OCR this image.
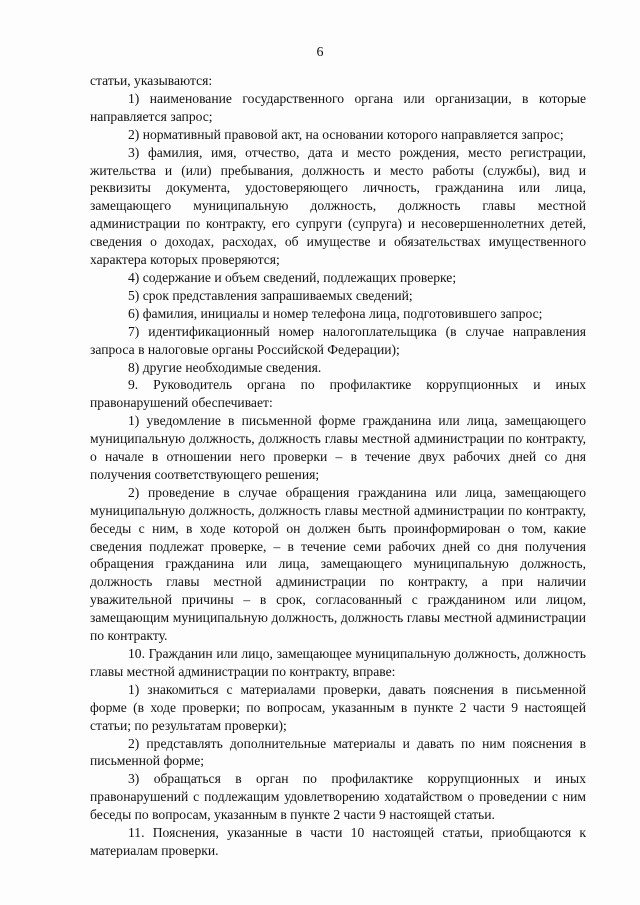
6

статьи, указываются:

1) наименование государственного органа или организации, в которые направляется запрос;

2) нормативный правовой акт, на основании которого направляется запрос;

3) фамилия, имя, отчество, дата и место рождения, место регистрации, жительства и (или) пребывания, должность и место работы (службы), вид и реквизиты документа, удостоверяющего личность, гражданина или лица, замещающего муниципальную должность, должность главы местной администрации по контракту, его супруги (супруга) и несовершеннолетних детей, сведения о доходах, расходах, об имуществе и обязательствах имущественного характера которых проверяются;

4) содержание и объем сведений, подлежащих проверке;

5) срок представления запрашиваемых сведений;

6) фамилия, инициалы и номер телефона лица, подготовившего запрос;

7) идентификационный номер налогоплательщика (в случае направления запроса в налоговые органы Российской Федерации);

8) другие необходимые сведения.

9. Руководитель органа по профилактике коррупционных и иных правонарушений обеспечивает:

1) уведомление в письменной форме гражданина или лица, замещающего муниципальную должность, должность главы местной администрации по контракту, о начале в отношении него проверки – в течение двух рабочих дней со дня получения соответствующего решения;

2) проведение в случае обращения гражданина или лица, замещающего муниципальную должность, должность главы местной администрации по контракту, беседы с ним, в ходе которой он должен быть проинформирован о том, какие сведения подлежат проверке, – в течение семи рабочих дней со дня получения обращения гражданина или лица, замещающего муниципальную должность, должность главы местной администрации по контракту, а при наличии уважительной причины – в срок, согласованный с гражданином или лицом, замещающим муниципальную должность, должность главы местной администрации по контракту.

10. Гражданин или лицо, замещающее муниципальную должность, должность главы местной администрации по контракту, вправе:

1) знакомиться с материалами проверки, давать пояснения в письменной форме (в ходе проверки; по вопросам, указанным в пункте 2 части 9 настоящей статьи; по результатам проверки);

2) представлять дополнительные материалы и давать по ним пояснения в письменной форме;

3) обращаться в орган по профилактике коррупционных и иных правонарушений с подлежащим удовлетворению ходатайством о проведении с ним беседы по вопросам, указанным в пункте 2 части 9 настоящей статьи.

11. Пояснения, указанные в части 10 настоящей статьи, приобщаются к материалам проверки.
